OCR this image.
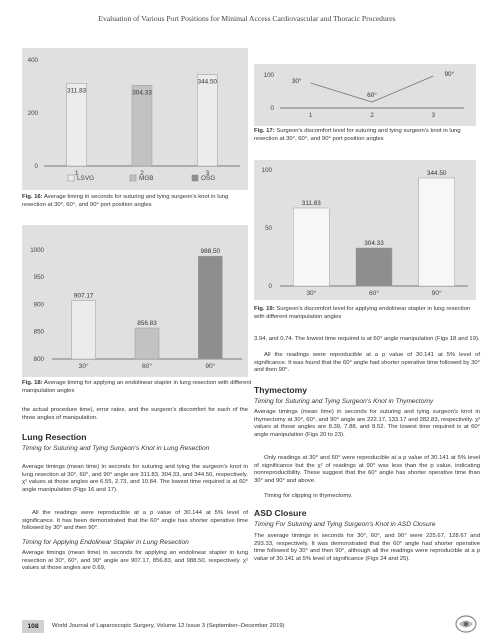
Evaluation of Various Port Positions for Minimal Access Cardiovascular and Thoracic Procedures
400
200
0
1	2	3
311.83	304.33
344.50
LSVG	MGB	OSG
100
0
1	2	3
30°
60°
90°
Fig. 17: Surgeon's discomfort level for suturing and tying surgeon's knot in lung resection at 30°, 60°, and 90° port position angles
Fig. 16: Average timing in seconds for suturing and tying surgeon's knot in lung resection at 30°, 60°, and 90° port position angles
100
50
0
30°	60°	90°
311.83
304.33
344.50
1000
950
900
850
800
30°	60°	90°
907.17
856.83
988.50
Fig. 19: Surgeon's discomfort level for applying endolinear stapler in lung resection with different manipulation angles
Fig. 18: Average timing for applying an endolinear stapler in lung resection with different manipulation angles

the actual procedure time), error rates, and the surgeon's discomfort for each of the three angles of manipulation.

Lung Resection
Timing for Suturing and Tying Surgeon's Knot in Lung Resection

Average timings (mean time) in seconds for suturing and tying the surgeon's knot in lung resection at 30°, 60°, and 90° angle are 311.83, 304.33, and 344.50, respectively. χ² values at those angles are 6.55, 2.73, and 10.84. The lowest time required is at 60° angle manipulation (Figs 16 and 17).

All the readings were reproducible at a p value of 30.144 at 5% level of significance. It has been demonstrated that the 60° angle has shorter operative time followed by 30° and then 90°.

Timing for Applying Endolinear Stapler in Lung Resection

Average timings (mean time) in seconds for applying an endolinear stapler in lung resection at 30°, 60°, and 90° angle are 907.17, 856.83, and 988.50, respectively. χ² values at those angles are 0.69,

3.94, and 0.74. The lowest time required is at 60° angle manipulation (Figs 18 and 19).

All the readings were reproducible at a p value of 30.141 at 5% level of significance. It was found that the 60° angle had shorter operative time followed by 30° and then 90°.

Thymectomy
Timing for Suturing and Tying Surgeon's Knot in Thymectomy

Average timings (mean time) in seconds for suturing and tying surgeon's knot in thymectomy at 30°, 60°, and 90° angle are 222.17, 133.17 and 282.83, respectively. χ² values at those angles are 8.39, 7.88, and 8.52. The lowest time required is at 60° angle manipulation (Figs 20 to 23).

Only readings at 30° and 60° were reproducible at a p value of 30.141 at 5% level of significance but the χ² of readings at 90° was less than the p value, indicating nonreproducibility. These suggest that the 60° angle has shorter operative time than 30° and 90° and above.

Timing for clipping in thymectomy.

ASD Closure
Timing For Suturing and Tying Surgeon's Knot in ASD Closure

The average timings in seconds for 30°, 60°, and 90° were 225.67, 128.67 and 293.33, respectively. It was demonstrated that the 60° angle had shorter operative time followed by 30° and then 90°, although all the readings were reproducible at a p value of 30.141 at 5% level of significance (Figs 24 and 25).

108	World Journal of Laparoscopic Surgery, Volume 12 Issue 3 (September–December 2019)
